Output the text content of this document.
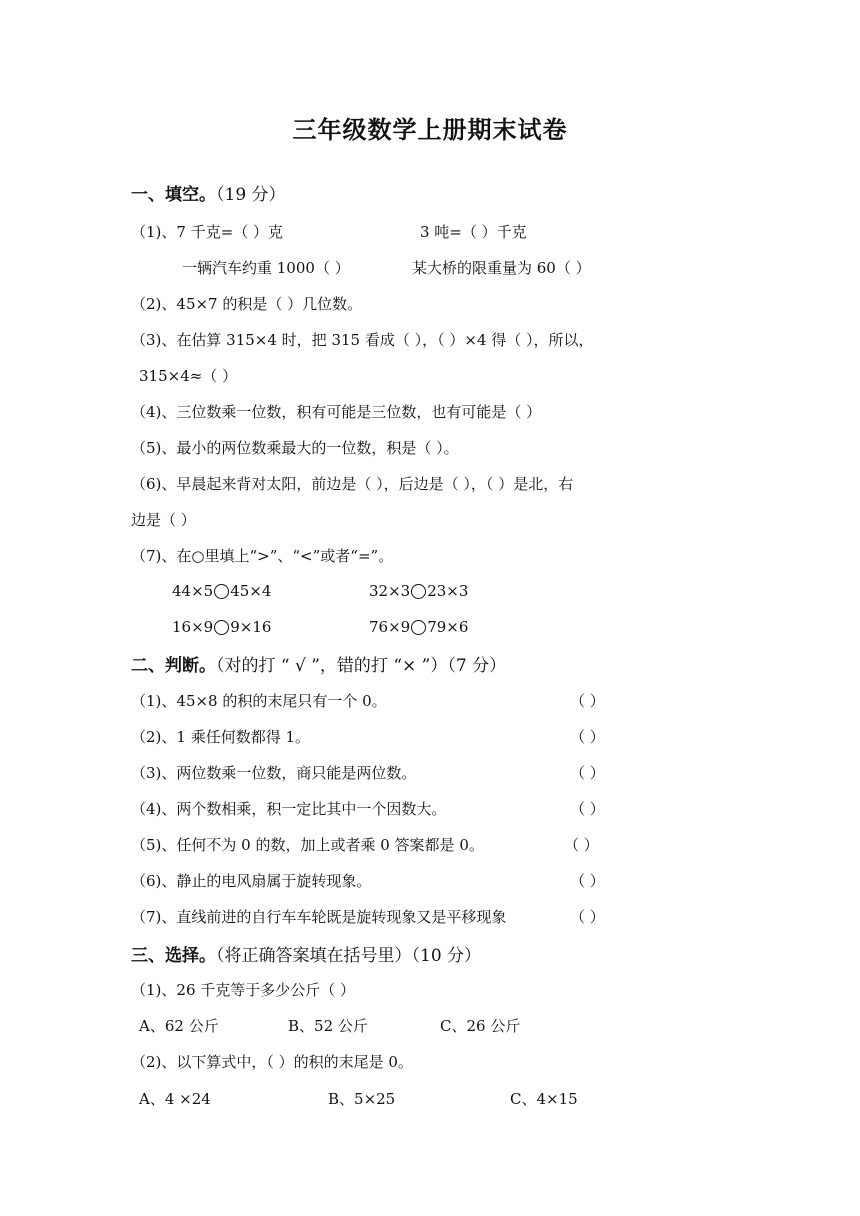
三年级数学上册期末试卷
一、填空。（19 分）
（1)、7 千克=（ ）克	3 吨=（ ）千克
一辆汽车约重 1000（ ）	某大桥的限重量为 60（ ）
（2)、45×7 的积是（ ）几位数。
（3)、在估算 315×4 时，把 315 看成（ ），（ ）×4 得（ ），所以，
315×4≈（ ）
（4)、三位数乘一位数，积有可能是三位数，也有可能是（ ）
（5)、最小的两位数乘最大的一位数，积是（ ）。
（6)、早晨起来背对太阳，前边是（ ），后边是（ ），（ ）是北，右
边是（ ）
（7)、在○里填上“>”、“<”或者“=”。
44×5 45×4	32×3 23×3
16×9 9×16	76×9 79×6
二、判断。（对的打 “ √ ”，错的打 “× ”）（7 分）
（1)、45×8 的积的末尾只有一个 0。	（ ）
（2)、1 乘任何数都得 1。	（ ）
（3)、两位数乘一位数，商只能是两位数。	（ ）
（4)、两个数相乘，积一定比其中一个因数大。	（ ）
（5)、任何不为 0 的数，加上或者乘 0 答案都是 0。	（ ）
（6)、静止的电风扇属于旋转现象。	（ ）
（7)、直线前进的自行车车轮既是旋转现象又是平移现象	（ ）
三、选择。（将正确答案填在括号里）（10 分）
（1)、26 千克等于多少公斤（ ）
A、62 公斤	B、52 公斤	C、26 公斤
（2)、以下算式中，（ ）的积的末尾是 0。
A、4 ×24	B、5×25	C、4×15
